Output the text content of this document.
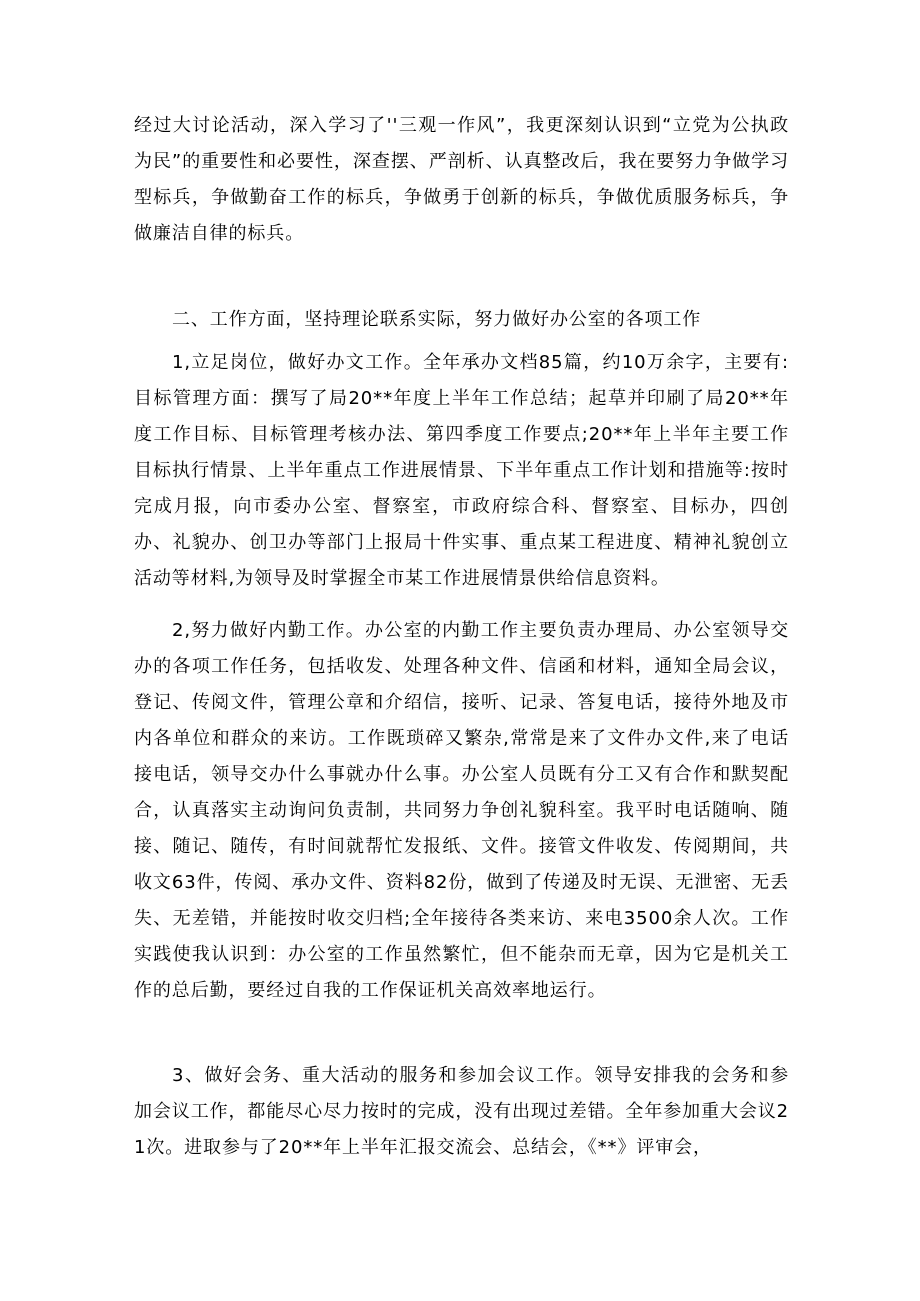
经过大讨论活动，深入学习了''三观一作风”，我更深刻认识到“立党为公执政为民”的重要性和必要性，深查摆、严剖析、认真整改后，我在要努力争做学习型标兵，争做勤奋工作的标兵，争做勇于创新的标兵，争做优质服务标兵，争做廉洁自律的标兵。

二、工作方面，坚持理论联系实际，努力做好办公室的各项工作

1,立足岗位，做好办文工作。全年承办文档85篇，约10万余字，主要有:目标管理方面：撰写了局20**年度上半年工作总结；起草并印刷了局20**年度工作目标、目标管理考核办法、第四季度工作要点;20**年上半年主要工作目标执行情景、上半年重点工作进展情景、下半年重点工作计划和措施等:按时完成月报，向市委办公室、督察室，市政府综合科、督察室、目标办，四创办、礼貌办、创卫办等部门上报局十件实事、重点某工程进度、精神礼貌创立活动等材料,为领导及时掌握全市某工作进展情景供给信息资料。

2,努力做好内勤工作。办公室的内勤工作主要负责办理局、办公室领导交办的各项工作任务，包括收发、处理各种文件、信函和材料，通知全局会议，登记、传阅文件，管理公章和介绍信，接听、记录、答复电话，接待外地及市内各单位和群众的来访。工作既琐碎又繁杂,常常是来了文件办文件,来了电话接电话，领导交办什么事就办什么事。办公室人员既有分工又有合作和默契配合，认真落实主动询问负责制，共同努力争创礼貌科室。我平时电话随响、随接、随记、随传，有时间就帮忙发报纸、文件。接管文件收发、传阅期间，共收文63件，传阅、承办文件、资料82份，做到了传递及时无误、无泄密、无丢失、无差错，并能按时收交归档;全年接待各类来访、来电3500余人次。工作实践使我认识到：办公室的工作虽然繁忙，但不能杂而无章，因为它是机关工作的总后勤，要经过自我的工作保证机关高效率地运行。

3、做好会务、重大活动的服务和参加会议工作。领导安排我的会务和参加会议工作，都能尽心尽力按时的完成，没有出现过差错。全年参加重大会议21次。进取参与了20**年上半年汇报交流会、总结会，《**》评审会，
